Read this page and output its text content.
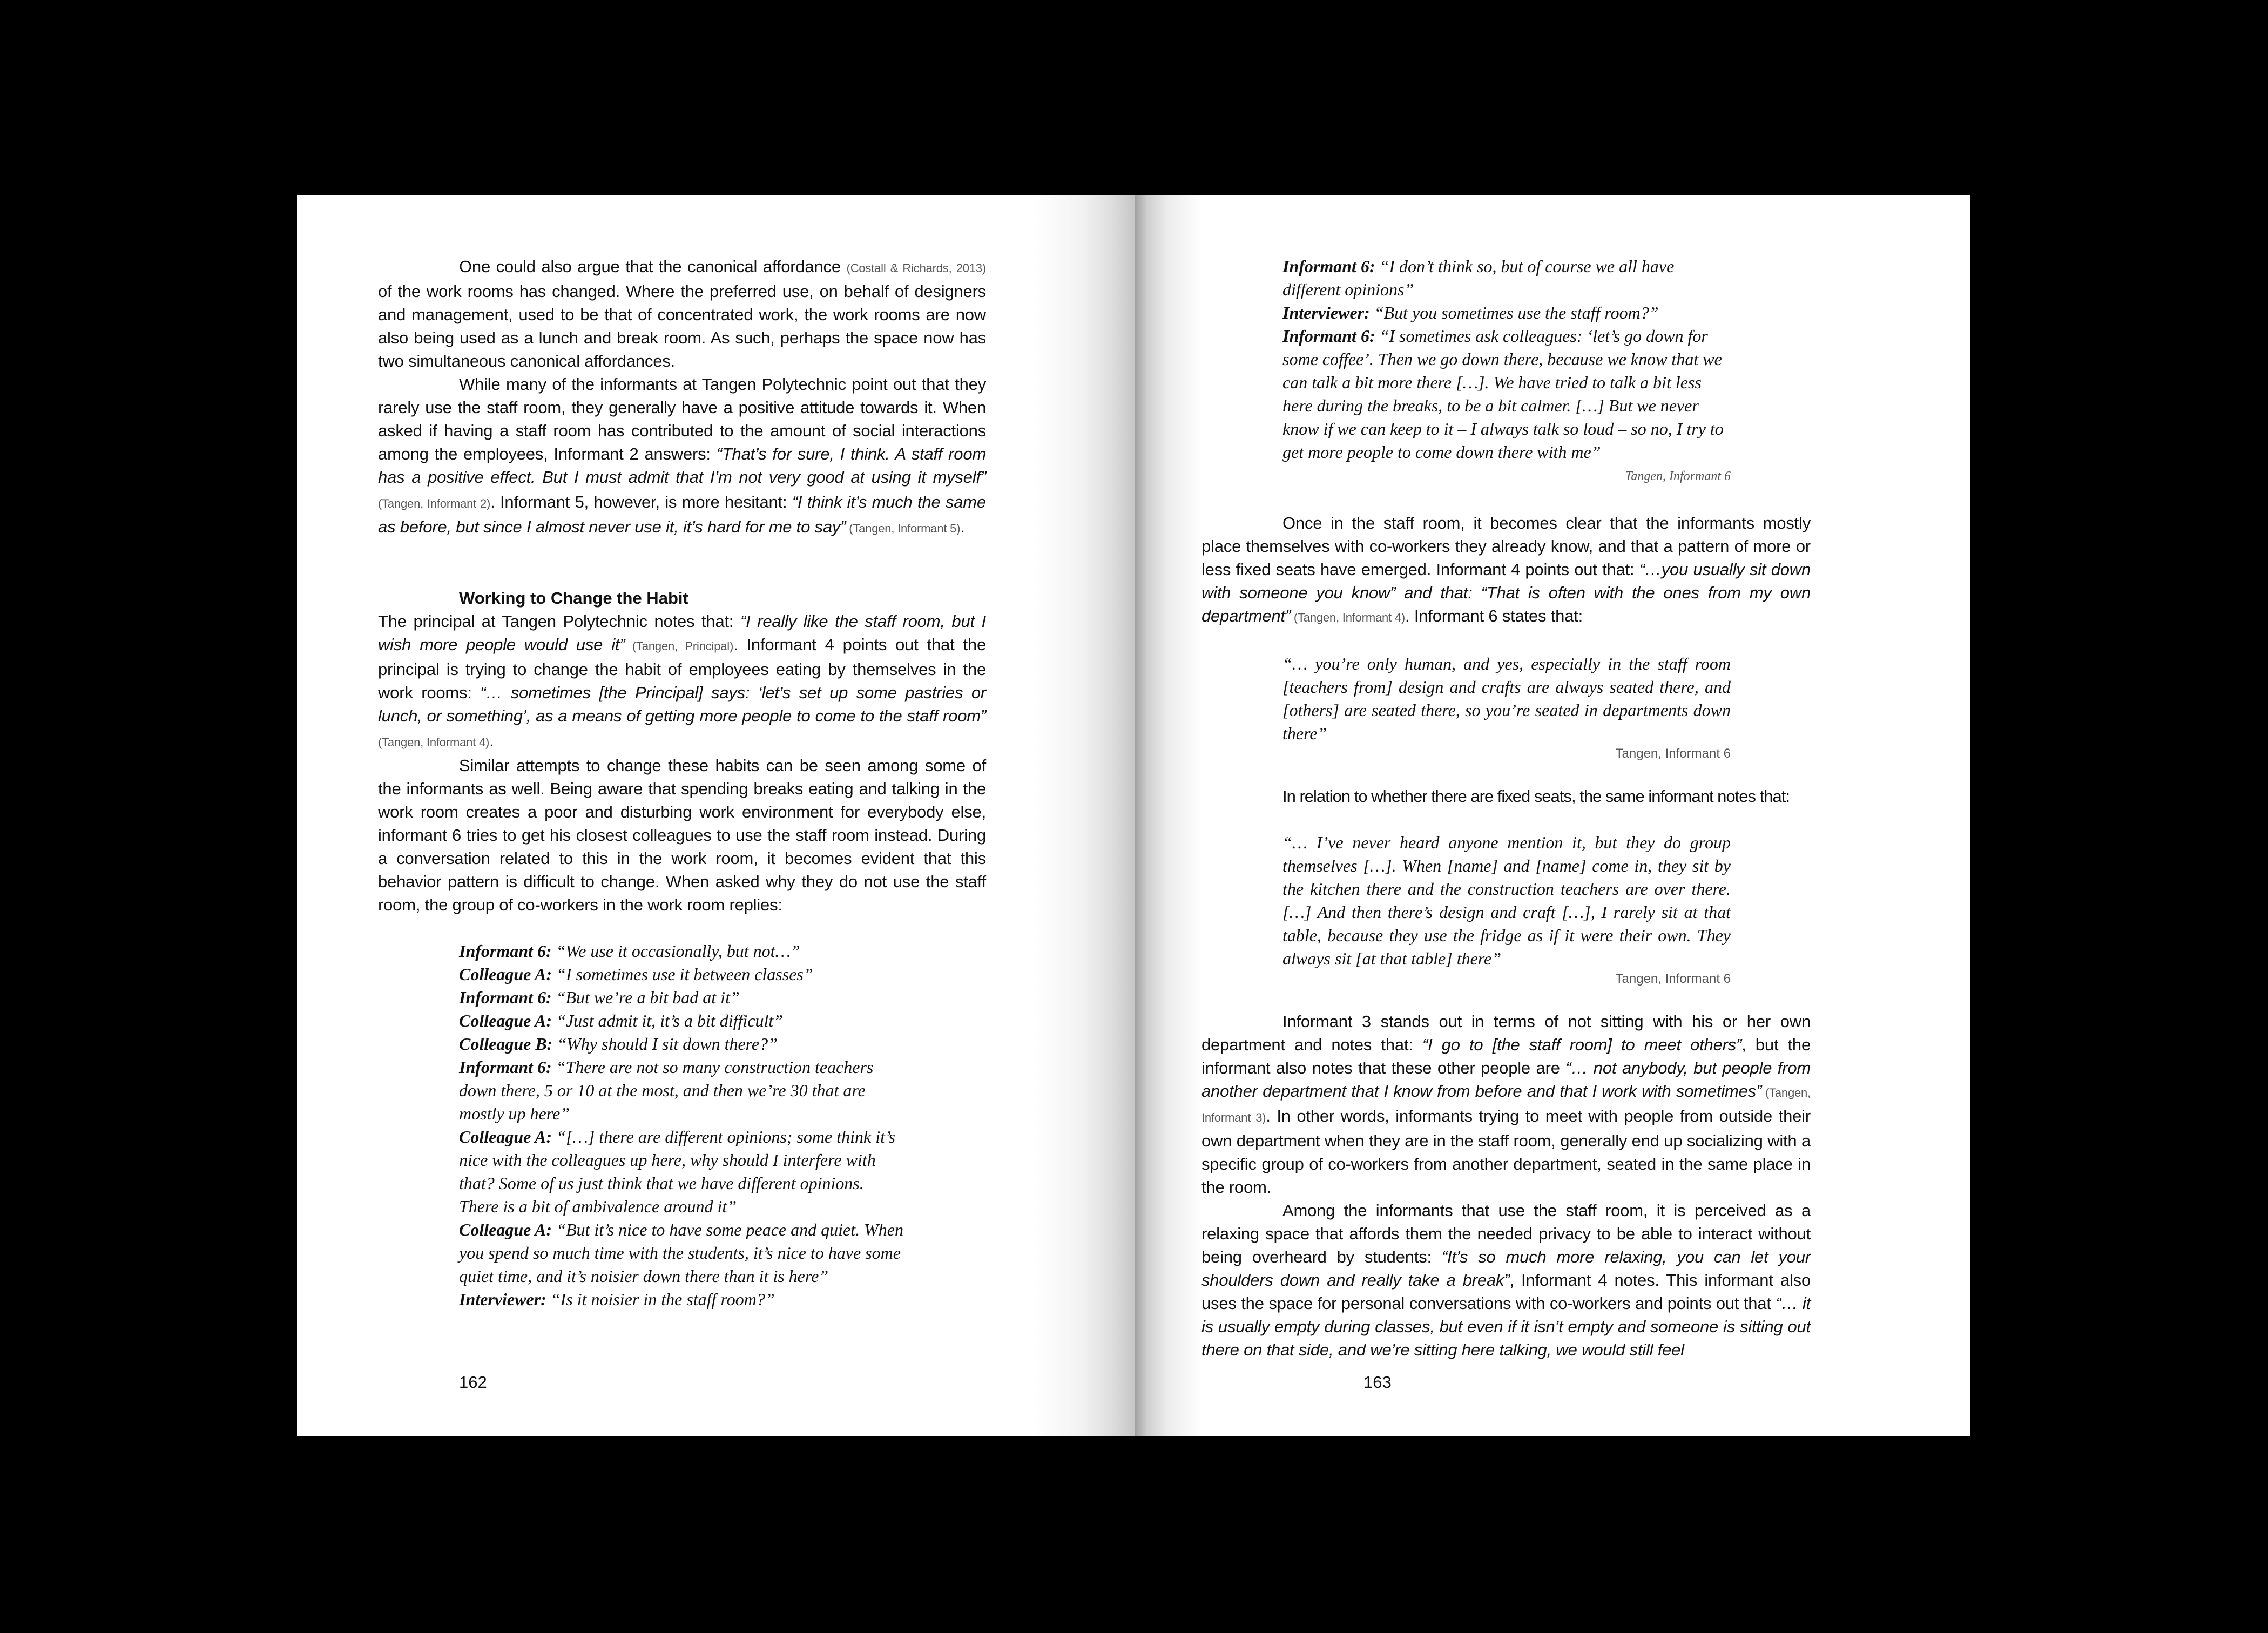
One could also argue that the canonical affordance (Costall & Richards, 2013) of the work rooms has changed. Where the preferred use, on behalf of designers and management, used to be that of concentrated work, the work rooms are now also being used as a lunch and break room. As such, perhaps the space now has two simultaneous canonical affordances.

While many of the informants at Tangen Polytechnic point out that they rarely use the staff room, they generally have a positive attitude towards it. When asked if having a staff room has contributed to the amount of social interactions among the employees, Informant 2 answers: “That’s for sure, I think. A staff room has a positive effect. But I must admit that I’m not very good at using it myself” (Tangen, Informant 2). Informant 5, however, is more hesitant: “I think it’s much the same as before, but since I almost never use it, it’s hard for me to say” (Tangen, Informant 5).

Working to Change the Habit

The principal at Tangen Polytechnic notes that: “I really like the staff room, but I wish more people would use it” (Tangen, Principal). Informant 4 points out that the principal is trying to change the habit of employees eating by themselves in the work rooms: “… sometimes [the Principal] says: ‘let’s set up some pastries or lunch, or something’, as a means of getting more people to come to the staff room” (Tangen, Informant 4).

Similar attempts to change these habits can be seen among some of the informants as well. Being aware that spending breaks eating and talking in the work room creates a poor and disturbing work environment for everybody else, informant 6 tries to get his closest colleagues to use the staff room instead. During a conversation related to this in the work room, it becomes evident that this behavior pattern is difficult to change. When asked why they do not use the staff room, the group of co-workers in the work room replies:

Informant 6: “We use it occasionally, but not…”

Colleague A: “I sometimes use it between classes”

Informant 6: “But we’re a bit bad at it”

Colleague A: “Just admit it, it’s a bit difficult”

Colleague B: “Why should I sit down there?”

Informant 6: “There are not so many construction teachers down there, 5 or 10 at the most, and then we’re 30 that are mostly up here”

Colleague A: “[…] there are different opinions; some think it’s nice with the colleagues up here, why should I interfere with that? Some of us just think that we have different opinions. There is a bit of ambivalence around it”

Colleague A: “But it’s nice to have some peace and quiet. When you spend so much time with the students, it’s nice to have some quiet time, and it’s noisier down there than it is here”

Interviewer: “Is it noisier in the staff room?”

162

Informant 6: “I don’t think so, but of course we all have different opinions”

Interviewer: “But you sometimes use the staff room?”

Informant 6: “I sometimes ask colleagues: ‘let’s go down for some coffee’. Then we go down there, because we know that we can talk a bit more there […]. We have tried to talk a bit less here during the breaks, to be a bit calmer. […] But we never know if we can keep to it – I always talk so loud – so no, I try to get more people to come down there with me”

Tangen, Informant 6

Once in the staff room, it becomes clear that the informants mostly place themselves with co-workers they already know, and that a pattern of more or less fixed seats have emerged. Informant 4 points out that: “…you usually sit down with someone you know” and that: “That is often with the ones from my own department” (Tangen, Informant 4). Informant 6 states that:

“… you’re only human, and yes, especially in the staff room [teachers from] design and crafts are always seated there, and [others] are seated there, so you’re seated in departments down there”

Tangen, Informant 6

In relation to whether there are fixed seats, the same informant notes that:

“… I’ve never heard anyone mention it, but they do group themselves […]. When [name] and [name] come in, they sit by the kitchen there and the construction teachers are over there. […] And then there’s design and craft […], I rarely sit at that table, because they use the fridge as if it were their own. They always sit [at that table] there”

Tangen, Informant 6

Informant 3 stands out in terms of not sitting with his or her own department and notes that: “I go to [the staff room] to meet others”, but the informant also notes that these other people are “… not anybody, but people from another department that I know from before and that I work with sometimes” (Tangen, Informant 3). In other words, informants trying to meet with people from outside their own department when they are in the staff room, generally end up socializing with a specific group of co-workers from another department, seated in the same place in the room.

Among the informants that use the staff room, it is perceived as a relaxing space that affords them the needed privacy to be able to interact without being overheard by students: “It’s so much more relaxing, you can let your shoulders down and really take a break”, Informant 4 notes. This informant also uses the space for personal conversations with co-workers and points out that “… it is usually empty during classes, but even if it isn’t empty and someone is sitting out there on that side, and we’re sitting here talking, we would still feel

163
